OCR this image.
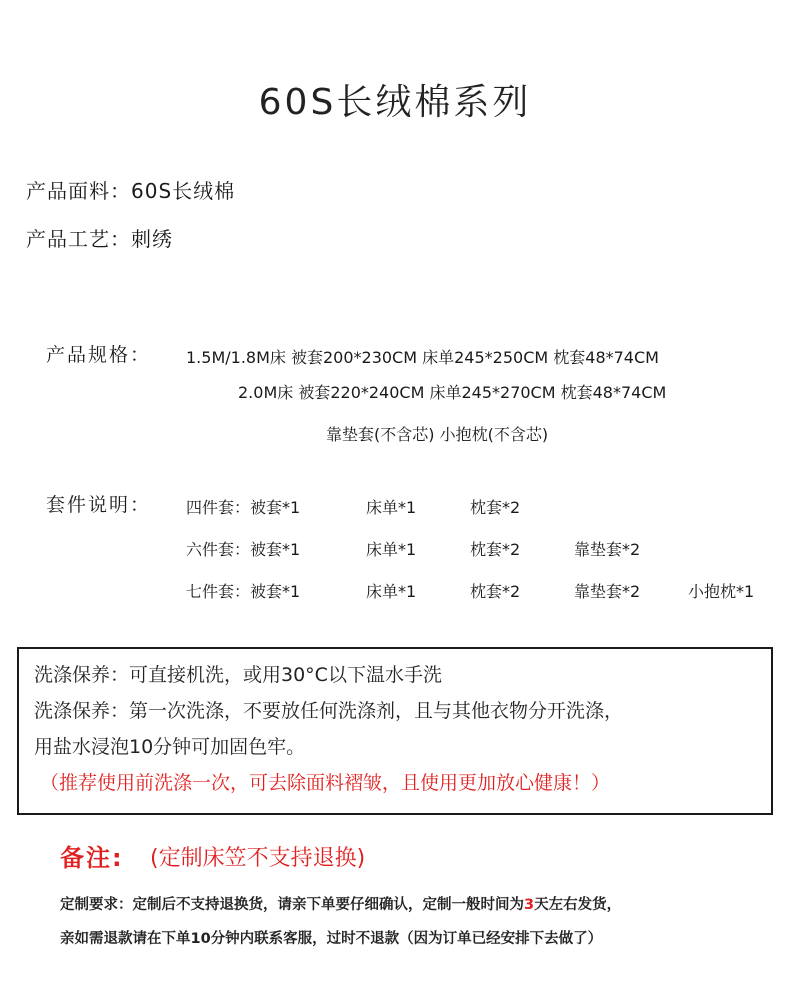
60S长绒棉系列
产品面料：60S长绒棉
产品工艺：刺绣
产品规格： 1.5M/1.8M床 被套200*230CM 床单245*250CM 枕套48*74CM
2.0M床 被套220*240CM 床单245*270CM 枕套48*74CM
靠垫套(不含芯) 小抱枕(不含芯)
套件说明： 四件套：被套*1	床单*1	枕套*2
六件套：被套*1	床单*1	枕套*2	靠垫套*2
七件套：被套*1	床单*1	枕套*2	靠垫套*2	小抱枕*1
洗涤保养：可直接机洗，或用30°C以下温水手洗
洗涤保养：第一次洗涤，不要放任何洗涤剂，且与其他衣物分开洗涤，
用盐水浸泡10分钟可加固色牢。
（推荐使用前洗涤一次，可去除面料褶皱，且使用更加放心健康！）
备注: (定制床笠不支持退换)
定制要求：定制后不支持退换货，请亲下单要仔细确认，定制一般时间为3天左右发货，
亲如需退款请在下单10分钟内联系客服，过时不退款（因为订单已经安排下去做了）
